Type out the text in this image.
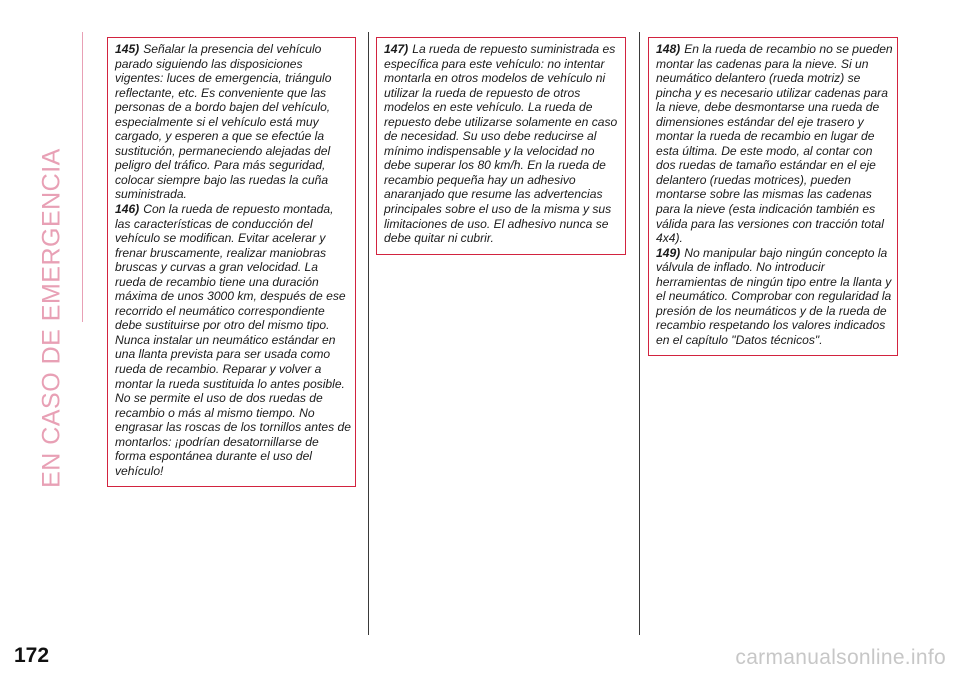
EN CASO DE EMERGENCIA
145) Señalar la presencia del vehículo parado siguiendo las disposiciones vigentes: luces de emergencia, triángulo reflectante, etc. Es conveniente que las personas de a bordo bajen del vehículo, especialmente si el vehículo está muy cargado, y esperen a que se efectúe la sustitución, permaneciendo alejadas del peligro del tráfico. Para más seguridad, colocar siempre bajo las ruedas la cuña suministrada.
146) Con la rueda de repuesto montada, las características de conducción del vehículo se modifican. Evitar acelerar y frenar bruscamente, realizar maniobras bruscas y curvas a gran velocidad. La rueda de recambio tiene una duración máxima de unos 3000 km, después de ese recorrido el neumático correspondiente debe sustituirse por otro del mismo tipo. Nunca instalar un neumático estándar en una llanta prevista para ser usada como rueda de recambio. Reparar y volver a montar la rueda sustituida lo antes posible. No se permite el uso de dos ruedas de recambio o más al mismo tiempo. No engrasar las roscas de los tornillos antes de montarlos: ¡podrían desatornillarse de forma espontánea durante el uso del vehículo!
147) La rueda de repuesto suministrada es específica para este vehículo: no intentar montarla en otros modelos de vehículo ni utilizar la rueda de repuesto de otros modelos en este vehículo. La rueda de repuesto debe utilizarse solamente en caso de necesidad. Su uso debe reducirse al mínimo indispensable y la velocidad no debe superar los 80 km/h. En la rueda de recambio pequeña hay un adhesivo anaranjado que resume las advertencias principales sobre el uso de la misma y sus limitaciones de uso. El adhesivo nunca se debe quitar ni cubrir.
148) En la rueda de recambio no se pueden montar las cadenas para la nieve. Si un neumático delantero (rueda motriz) se pincha y es necesario utilizar cadenas para la nieve, debe desmontarse una rueda de dimensiones estándar del eje trasero y montar la rueda de recambio en lugar de esta última. De este modo, al contar con dos ruedas de tamaño estándar en el eje delantero (ruedas motrices), pueden montarse sobre las mismas las cadenas para la nieve (esta indicación también es válida para las versiones con tracción total 4x4).
149) No manipular bajo ningún concepto la válvula de inflado. No introducir herramientas de ningún tipo entre la llanta y el neumático. Comprobar con regularidad la presión de los neumáticos y de la rueda de recambio respetando los valores indicados en el capítulo "Datos técnicos".
172	carmanualsonline.info
